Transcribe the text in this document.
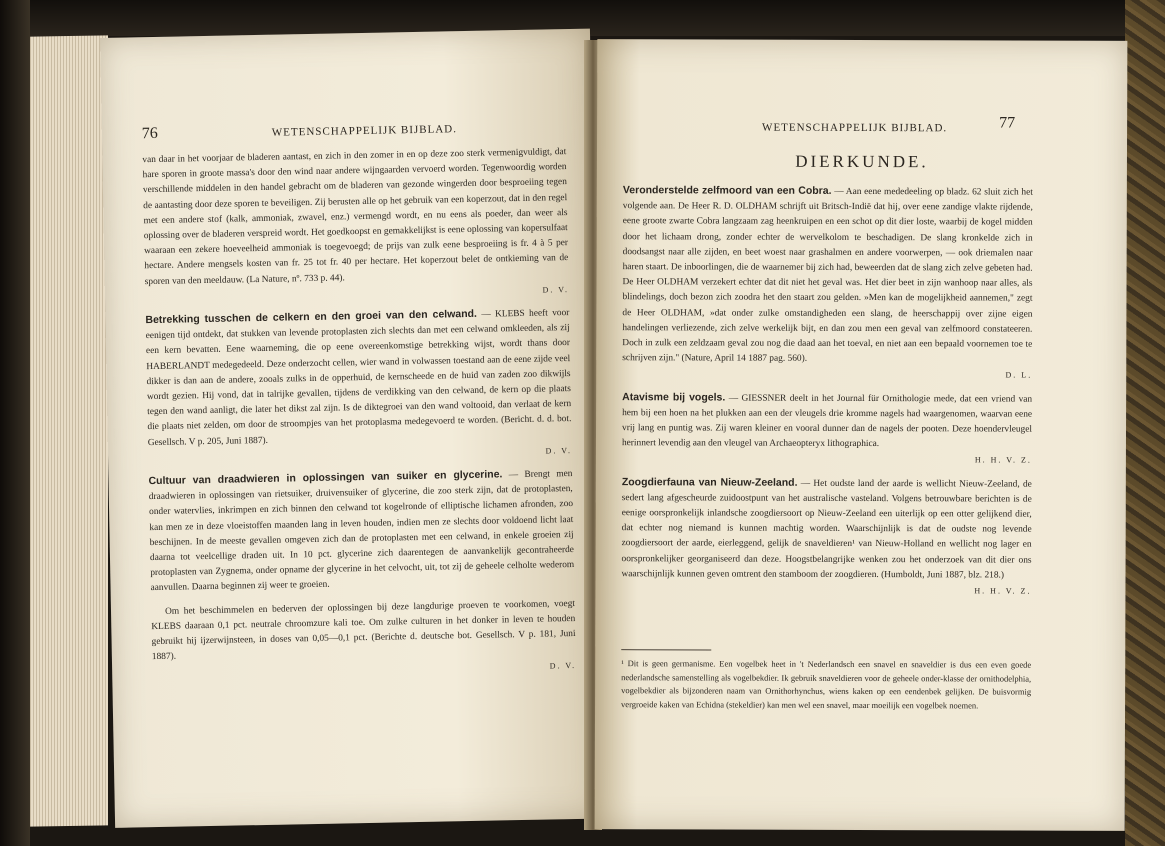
76	WETENSCHAPPELIJK BIJBLAD.

van daar in het voorjaar de bladeren aantast, en zich in den zomer in en op deze zoo sterk vermenigvuldigt, dat hare sporen in groote massa's door den wind naar andere wijngaarden vervoerd worden. Tegenwoordig worden verschillende middelen in den handel gebracht om de bladeren van gezonde wingerden door besproeiing tegen de aantasting door deze sporen te beveiligen. Zij berusten alle op het gebruik van een koperzout, dat in den regel met een andere stof (kalk, ammoniak, zwavel, enz.) vermengd wordt, en nu eens als poeder, dan weer als oplossing over de bladeren verspreid wordt. Het goedkoopst en gemakkelijkst is eene oplossing van kopersulfaat waaraan een zekere hoeveelheid ammoniak is toegevoegd; de prijs van zulk eene besproeiing is fr. 4 à 5 per hectare. Andere mengsels kosten van fr. 25 tot fr. 40 per hectare. Het koperzout belet de ontkieming van de sporen van den meeldauw. (La Nature, nº. 733 p. 44).
D. V.

Betrekking tusschen de celkern en den groei van den celwand. — KLEBS heeft voor eenigen tijd ontdekt, dat stukken van levende protoplasten zich slechts dan met een celwand omkleeden, als zij een kern bevatten. Eene waarneming, die op eene overeenkomstige betrekking wijst, wordt thans door HABERLANDT medegedeeld. Deze onderzocht cellen, wier wand in volwassen toestand aan de eene zijde veel dikker is dan aan de andere, zooals zulks in de opperhuid, de kernscheede en de huid van zaden zoo dikwijls wordt gezien. Hij vond, dat in talrijke gevallen, tijdens de verdikking van den celwand, de kern op die plaats tegen den wand aanligt, die later het dikst zal zijn. Is de diktegroei van den wand voltooid, dan verlaat de kern die plaats niet zelden, om door de stroompjes van het protoplasma medegevoerd te worden. (Bericht. d. d. bot. Gesellsch. V p. 205, Juni 1887).
D. V.

Cultuur van draadwieren in oplossingen van suiker en glycerine. — Brengt men draadwieren in oplossingen van rietsuiker, druivensuiker of glycerine, die zoo sterk zijn, dat de protoplasten, onder watervlies, inkrimpen en zich binnen den celwand tot kogelronde of elliptische lichamen afronden, zoo kan men ze in deze vloeistoffen maanden lang in leven houden, indien men ze slechts door voldoend licht laat beschijnen. In de meeste gevallen omgeven zich dan de protoplasten met een celwand, in enkele groeien zij daarna tot veelcellige draden uit. In 10 pct. glycerine zich daarentegen de aanvankelijk gecontraheerde protoplasten van Zygnema, onder opname der glycerine in het celvocht, uit, tot zij de geheele celholte wederom aanvullen. Daarna beginnen zij weer te groeien.

Om het beschimmelen en bederven der oplossingen bij deze langdurige proeven te voorkomen, voegt KLEBS daaraan 0,1 pct. neutrale chroomzure kali toe. Om zulke culturen in het donker in leven te houden gebruikt hij ijzerwijnsteen, in doses van 0,05—0,1 pct. (Berichte d. deutsche bot. Gesellsch. V p. 181, Juni 1887).
D. V.

WETENSCHAPPELIJK BIJBLAD.	77
DIERKUNDE.

Veronderstelde zelfmoord van een Cobra. — Aan eene mededeeling op bladz. 62 sluit zich het volgende aan. De Heer R. D. OLDHAM schrijft uit Britsch-Indië dat hij, over eene zandige vlakte rijdende, eene groote zwarte Cobra langzaam zag heenkruipen en een schot op dit dier loste, waarbij de kogel midden door het lichaam drong, zonder echter de wervelkolom te beschadigen. De slang kronkelde zich in doodsangst naar alle zijden, en beet woest naar grashalmen en andere voorwerpen, — ook driemalen naar haren staart. De inboorlingen, die de waarnemer bij zich had, beweerden dat de slang zich zelve gebeten had. De Heer OLDHAM verzekert echter dat dit niet het geval was. Het dier beet in zijn wanhoop naar alles, als blindelings, doch bezon zich zoodra het den staart zou gelden. »Men kan de mogelijkheid aannemen," zegt de Heer OLDHAM, »dat onder zulke omstandigheden een slang, de heerschappij over zijne eigen handelingen verliezende, zich zelve werkelijk bijt, en dan zou men een geval van zelfmoord constateeren. Doch in zulk een zeldzaam geval zou nog die daad aan het toeval, en niet aan een bepaald voornemen toe te schrijven zijn." (Nature, April 14 1887 pag. 560).
D. L.

Atavisme bij vogels. — GIESSNER deelt in het Journal für Ornithologie mede, dat een vriend van hem bij een hoen na het plukken aan een der vleugels drie kromme nagels had waargenomen, waarvan eene vrij lang en puntig was. Zij waren kleiner en vooral dunner dan de nagels der pooten. Deze hoendervleugel herinnert levendig aan den vleugel van Archaeopteryx lithographica.
H. H. V. Z.

Zoogdierfauna van Nieuw-Zeeland. — Het oudste land der aarde is wellicht Nieuw-Zeeland, de sedert lang afgescheurde zuidoostpunt van het australische vasteland. Volgens betrouwbare berichten is de eenige oorspronkelijk inlandsche zoogdiersoort op Nieuw-Zeeland een uiterlijk op een otter gelijkend dier, dat echter nog niemand is kunnen machtig worden. Waarschijnlijk is dat de oudste nog levende zoogdiersoort der aarde, eierleggend, gelijk de snaveldieren¹ van Nieuw-Holland en wellicht nog lager en oorspronkelijker georganiseerd dan deze. Hoogstbelangrijke wenken zou het onderzoek van dit dier ons waarschijnlijk kunnen geven omtrent den stamboom der zoogdieren. (Humboldt, Juni 1887, blz. 218.)
H. H. V. Z.

¹ Dit is geen germanisme. Een vogelbek heet in 't Nederlandsch een snavel en snaveldier is dus een even goede nederlandsche samenstelling als vogelbekdier. Ik gebruik snaveldieren voor de geheele onder-klasse der ornithodelphia, vogelbekdier als bijzonderen naam van Ornithorhynchus, wiens kaken op een eendenbek gelijken. De buisvormig vergroeide kaken van Echidna (stekeldier) kan men wel een snavel, maar moeilijk een vogelbek noemen.
